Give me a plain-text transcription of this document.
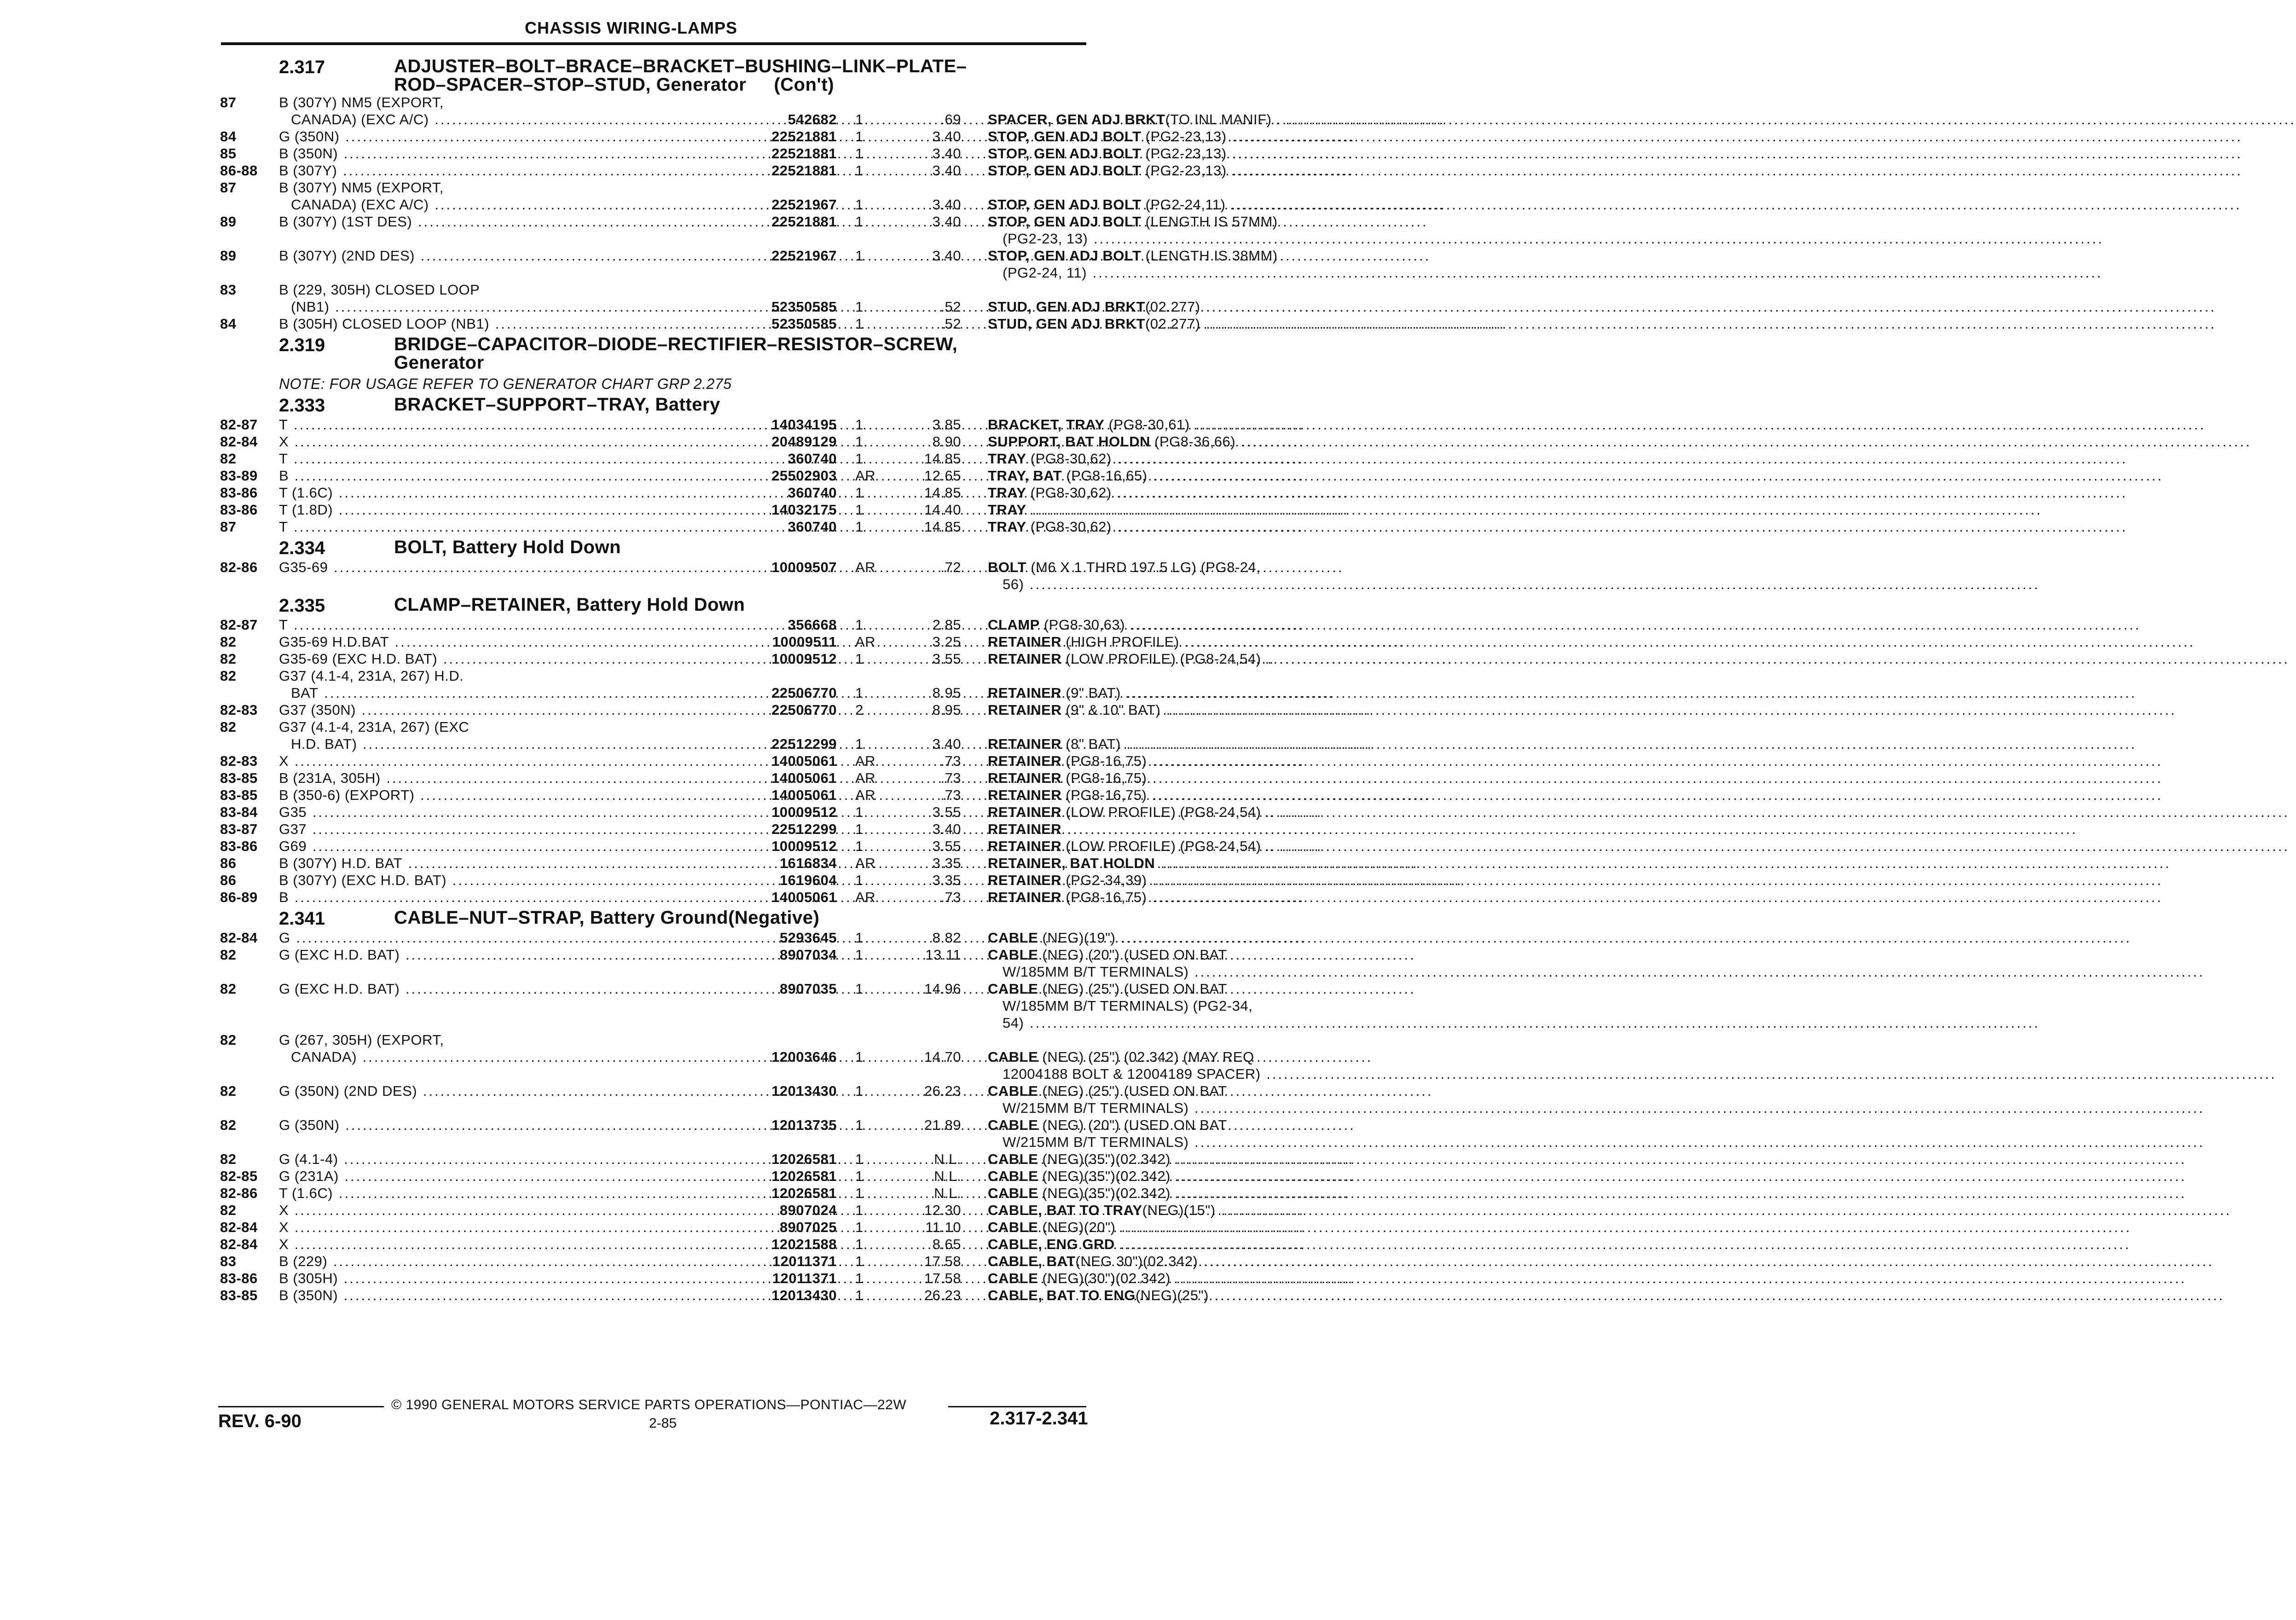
CHASSIS WIRING-LAMPS
2.317	ADJUSTER–BOLT–BRACE–BRACKET–BUSHING–LINK–PLATE–
ROD–SPACER–STOP–STUD, Generator (Con't)
87	B (307Y) NM5 (EXPORT,
CANADA) (EXC A/C) .....	542682 1	.69 SPACER, GEN ADJ BRKT(TO INL MANIF) . .....
84	G (350N) .....	22521881 1	3.40 STOP, GEN ADJ BOLT (PG2-23,13) .....
85	B (350N) .....	22521881 1	3.40 STOP, GEN ADJ BOLT (PG2-23,13) .....
86-88 B (307Y) .....	22521881 1	3.40 STOP, GEN ADJ BOLT (PG2-23,13) .....
87	B (307Y) NM5 (EXPORT,
CANADA) (EXC A/C) .....	22521967 1	3.40 STOP, GEN ADJ BOLT (PG2-24,11) .....
89	B (307Y) (1ST DES) .....	22521881 1	3.40 STOP, GEN ADJ BOLT (LENGTH IS 57MM)
(PG2-23, 13) .....
89	B (307Y) (2ND DES) .....	22521967 1	3.40 STOP, GEN ADJ BOLT (LENGTH IS 38MM)
(PG2-24, 11) .....
83	B (229, 305H) CLOSED LOOP
(NB1) .....	52350585 1	.52 STUD, GEN ADJ BRKT(02.277) .....
84	B (305H) CLOSED LOOP (NB1) .....	52350585 1	.52 STUD, GEN ADJ BRKT(02.277) .....
2.319	BRIDGE–CAPACITOR–DIODE–RECTIFIER–RESISTOR–SCREW,
Generator
NOTE: FOR USAGE REFER TO GENERATOR CHART GRP 2.275
2.333	BRACKET–SUPPORT–TRAY, Battery
82-87 T .....	14034195 1	3.85 BRACKET, TRAY (PG8-30,61) .....
82-84 X .....	20489129 1	8.90 SUPPORT, BAT HOLDN (PG8-36,66) .....
82	T .....	360740 1	14.85 TRAY (PG8-30,62) .....
83-89 B .....	25502903 AR	12.65 TRAY, BAT (PG8-16,65) .....
83-86 T (1.6C) .....	360740 1	14.85 TRAY (PG8-30,62) .....
83-86 T (1.8D) .....	14032175 1	14.40 TRAY .....
87	T .....	360740 1	14.85 TRAY (PG8-30,62) .....
2.334	BOLT, Battery Hold Down
82-86 G35-69 .....	10009507 AR	.72 BOLT (M6 X 1 THRD 197.5 LG) (PG8-24,
56) .....
2.335	CLAMP–RETAINER, Battery Hold Down
82-87 T .....	356668 1	2.85 CLAMP (PG8-30,63) .....
82	G35-69 H.D.BAT .....	10009511 AR	3.25 RETAINER (HIGH PROFILE) .....
82	G35-69 (EXC H.D. BAT) .....	10009512 1	3.55 RETAINER (LOW PROFILE) (PG8-24,54) .. .....
82	G37 (4.1-4, 231A, 267) H.D.
BAT .....	22506770 1	8.95 RETAINER (9" BAT) .....
82-83 G37 (350N) .....	22506770 2	8.95 RETAINER (9" & 10" BAT) .....
82	G37 (4.1-4, 231A, 267) (EXC
H.D. BAT) .....	22512299 1	3.40 RETAINER (8" BAT) .....
82-83 X .....	14005061 AR	.73 RETAINER (PG8-16,75) .....
83-85 B (231A, 305H) .....	14005061 AR	.73 RETAINER (PG8-16,75) .....
83-85 B (350-6) (EXPORT) .....	14005061 AR	.73 RETAINER (PG8-16,75) .....
83-84 G35 .....	10009512 1	3.55 RETAINER (LOW PROFILE) (PG8-24,54) .. .....
83-87 G37 .....	22512299 1	3.40 RETAINER .....
83-86 G69 .....	10009512 1	3.55 RETAINER (LOW PROFILE) (PG8-24,54) .. .....
86	B (307Y) H.D. BAT .....	1616834 AR	3.35 RETAINER, BAT HOLDN .....
86	B (307Y) (EXC H.D. BAT) .....	1619604 1	3.35 RETAINER (PG2-34,39) .....
86-89 B .....	14005061 AR	.73 RETAINER (PG8-16,75) .....
2.341	CABLE–NUT–STRAP, Battery Ground(Negative)
82-84 G .....	5293645 1	8.82 CABLE (NEG)(19") .....
82	G (EXC H.D. BAT) .....	8907034 1	13.11 CABLE (NEG) (20") (USED ON BAT
W/185MM B/T TERMINALS) .....
82	G (EXC H.D. BAT) .....	8907035 1	14.96 CABLE (NEG) (25") (USED ON BAT
W/185MM B/T TERMINALS) (PG2-34,
54) .....
82	G (267, 305H) (EXPORT,
CANADA) .....	12003646 1	14.70 CABLE (NEG) (25") (02.342) (MAY REQ
12004188 BOLT & 12004189 SPACER) .....
82	G (350N) (2ND DES) .....	12013430 1	26.23 CABLE (NEG) (25") (USED ON BAT
W/215MM B/T TERMINALS) .....
82	G (350N) .....	12013735 1	21.89 CABLE (NEG) (20") (USED ON BAT
W/215MM B/T TERMINALS) .....
82	G (4.1-4) .....	12026581 1	N.L. CABLE (NEG)(35")(02.342) .....
82-85 G (231A) .....	12026581 1	N.L. CABLE (NEG)(35")(02.342) .....
82-86 T (1.6C) .....	12026581 1	N.L. CABLE (NEG)(35")(02.342) .....
82	X .....	8907024 1	12.30 CABLE, BAT TO TRAY(NEG)(15") .....
82-84 X .....	8907025 1	11.10 CABLE (NEG)(20") .....
82-84 X .....	12021588 1	8.65 CABLE, ENG GRD .....
83	B (229) .....	12011371 1	17.58 CABLE, BAT(NEG 30")(02.342) .....
83-86 B (305H) .....	12011371 1	17.58 CABLE (NEG)(30")(02.342) .....
83-85 B (350N) .....	12013430 1	26.23 CABLE, BAT TO ENG(NEG)(25") .....
© 1990 GENERAL MOTORS SERVICE PARTS OPERATIONS—PONTIAC—22W
REV. 6-90	2-85	2.317-2.341
